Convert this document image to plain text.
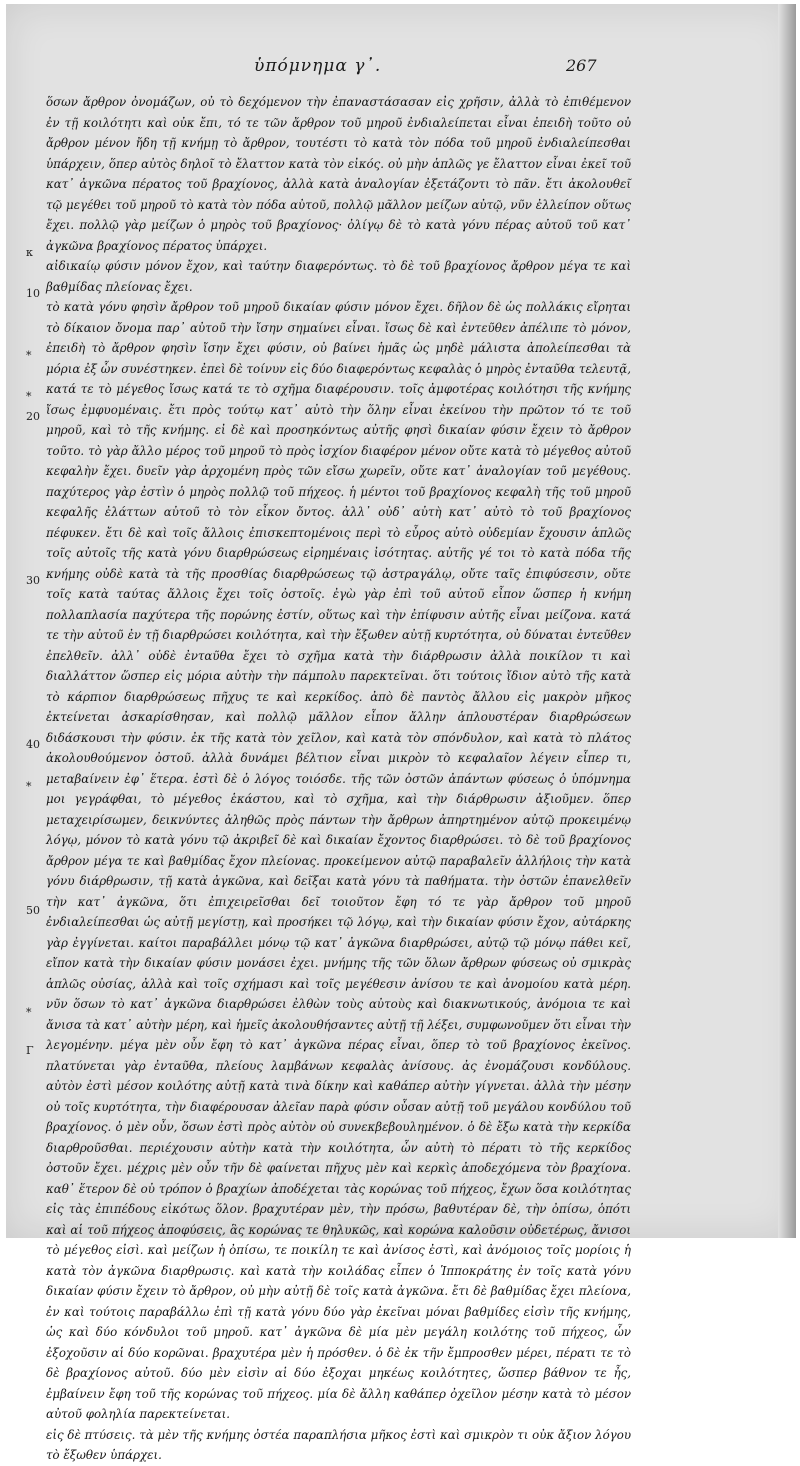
ὑπόμνημα γ᾽.	267
κ
10
*
*
20
30
40
*
50
*
Γ

ὅσων ἄρθρον ὀνομάζων, οὐ τὸ δεχόμενον τὴν ἐπαναστάσασαν εἰς χρῆσιν, ἀλλὰ τὸ ἐπιθέμενον ἐν τῇ κοιλότητι καὶ οὐκ ἔπι, τό τε τῶν ἄρθρον τοῦ μηροῦ ἐνδιαλείπεται εἶναι ἐπειδὴ τοῦτο οὐ ἄρθρον μένον ἤδη τῇ κνήμῃ τὸ ἄρθρον, τουτέστι τὸ κατὰ τὸν πόδα τοῦ μηροῦ ἐνδιαλείπεσθαι ὑπάρχειν, ὅπερ αὐτὸς δηλοῖ τὸ ἔλαττον κατὰ τὸν εἰκός. οὐ μὴν ἁπλῶς γε ἔλαττον εἶναι ἐκεῖ τοῦ κατ᾽ ἀγκῶνα πέρατος τοῦ βραχίονος, ἀλλὰ κατὰ ἀναλογίαν ἐξετάζοντι τὸ πᾶν. ἔτι ἀκολουθεῖ τῷ μεγέθει τοῦ μηροῦ τὸ κατὰ τὸν πόδα αὐτοῦ, πολλῷ μᾶλλον μείζων αὐτῷ, νῦν ἐλλείπον οὕτως ἔχει. πολλῷ γὰρ μείζων ὁ μηρὸς τοῦ βραχίονος· ὀλίγῳ δὲ τὸ κατὰ γόνυ πέρας αὐτοῦ τοῦ κατ᾽ ἀγκῶνα βραχίονος πέρατος ὑπάρχει.

αἰδικαίῳ φύσιν μόνον ἔχον, καὶ ταύτην διαφερόντως. τὸ δὲ τοῦ βραχίονος ἄρθρον μέγα τε καὶ βαθμίδας πλείονας ἔχει.

τὸ κατὰ γόνυ φησὶν ἄρθρον τοῦ μηροῦ δικαίαν φύσιν μόνον ἔχει. δῆλον δὲ ὡς πολλάκις εἴρηται τὸ δίκαιον ὄνομα παρ᾽ αὐτοῦ τὴν ἴσην σημαίνει εἶναι. ἴσως δὲ καὶ ἐντεῦθεν ἀπέλιπε τὸ μόνον, ἐπειδὴ τὸ ἄρθρον φησὶν ἴσην ἔχει φύσιν, οὐ βαίνει ἡμᾶς ὡς μηδὲ μάλιστα ἀπολείπεσθαι τὰ μόρια ἐξ ὧν συνέστηκεν. ἐπεὶ δὲ τοίνυν εἰς δύο διαφερόντως κεφαλὰς ὁ μηρὸς ἐνταῦθα τελευτᾷ, κατά τε τὸ μέγεθος ἴσως κατά τε τὸ σχῆμα διαφέρουσιν. τοῖς ἀμφοτέρας κοιλότησι τῆς κνήμης ἴσως ἐμφυομέναις. ἔτι πρὸς τούτῳ κατ᾽ αὐτὸ τὴν ὅλην εἶναι ἐκείνου τὴν πρῶτον τό τε τοῦ μηροῦ, καὶ τὸ τῆς κνήμης. εἰ δὲ καὶ προσηκόντως αὐτῆς φησὶ δικαίαν φύσιν ἔχειν τὸ ἄρθρον τοῦτο. τὸ γὰρ ἄλλο μέρος τοῦ μηροῦ τὸ πρὸς ἰσχίον διαφέρον μένον οὔτε κατὰ τὸ μέγεθος αὐτοῦ κεφαλὴν ἔχει. δυεῖν γὰρ ἀρχομένη πρὸς τῶν εἴσω χωρεῖν, οὔτε κατ᾽ ἀναλογίαν τοῦ μεγέθους. παχύτερος γὰρ ἐστὶν ὁ μηρὸς πολλῷ τοῦ πήχεος. ἡ μέντοι τοῦ βραχίονος κεφαλὴ τῆς τοῦ μηροῦ κεφαλῆς ἐλάττων αὐτοῦ τὸ τὸν εἶκον ὄντος. ἀλλ᾽ οὐδ᾽ αὐτὴ κατ᾽ αὐτὸ τὸ τοῦ βραχίονος πέφυκεν. ἔτι δὲ καὶ τοῖς ἄλλοις ἐπισκεπτομένοις περὶ τὸ εὖρος αὐτὸ οὐδεμίαν ἔχουσιν ἁπλῶς τοῖς αὐτοῖς τῆς κατὰ γόνυ διαρθρώσεως εἰρημέναις ἰσότητας. αὐτῆς γέ τοι τὸ κατὰ πόδα τῆς κνήμης οὐδὲ κατὰ τὰ τῆς προσθίας διαρθρώσεως τῷ ἀστραγάλῳ, οὔτε ταῖς ἐπιφύσεσιν, οὔτε τοῖς κατὰ ταύτας ἄλλοις ἔχει τοῖς ὀστοῖς. ἐγὼ γὰρ ἐπὶ τοῦ αὐτοῦ εἶπον ὥσπερ ἡ κνήμη πολλαπλασία παχύτερα τῆς πορώνης ἐστίν, οὕτως καὶ τὴν ἐπίφυσιν αὐτῆς εἶναι μείζονα. κατά τε τὴν αὐτοῦ ἐν τῇ διαρθρώσει κοιλότητα, καὶ τὴν ἔξωθεν αὐτῇ κυρτότητα, οὐ δύναται ἐντεῦθεν ἐπελθεῖν. ἀλλ᾽ οὐδὲ ἐνταῦθα ἔχει τὸ σχῆμα κατὰ τὴν διάρθρωσιν ἀλλὰ ποικίλον τι καὶ διαλλάττον ὥσπερ εἰς μόρια αὐτὴν τὴν πάμπολυ παρεκτεῖναι. ὅτι τούτοις ἴδιον αὐτὸ τῆς κατὰ τὸ κάρπιον διαρθρώσεως πῆχυς τε καὶ κερκίδος. ἀπὸ δὲ παντὸς ἄλλου εἰς μακρὸν μῆκος ἐκτείνεται ἀσκαρίσθησαν, καὶ πολλῷ μᾶλλον εἶπον ἄλλην ἁπλουστέραν διαρθρώσεων διδάσκουσι τὴν φύσιν. ἐκ τῆς κατὰ τὸν χεῖλον, καὶ κατὰ τὸν σπόνδυλον, καὶ κατὰ τὸ πλάτος ἀκολουθούμενον ὀστοῦ. ἀλλὰ δυνάμει βέλτιον εἶναι μικρὸν τὸ κεφαλαῖον λέγειν εἶπερ τι, μεταβαίνειν ἐφ᾽ ἕτερα. ἐστὶ δὲ ὁ λόγος τοιόσδε. τῆς τῶν ὀστῶν ἀπάντων φύσεως ὁ ὑπόμνημα μοι γεγράφθαι, τὸ μέγεθος ἑκάστου, καὶ τὸ σχῆμα, καὶ τὴν διάρθρωσιν ἀξιοῦμεν. ὅπερ μεταχειρίσωμεν, δεικνύντες ἀληθῶς πρὸς πάντων τὴν ἄρθρων ἀπηρτημένον αὐτῷ προκειμένῳ λόγῳ, μόνον τὸ κατὰ γόνυ τῷ ἀκριβεῖ δὲ καὶ δικαίαν ἔχοντος διαρθρώσει. τὸ δὲ τοῦ βραχίονος ἄρθρον μέγα τε καὶ βαθμίδας ἔχον πλείονας. προκείμενον αὐτῷ παραβαλεῖν ἀλλήλοις τὴν κατὰ γόνυ διάρθρωσιν, τῇ κατὰ ἀγκῶνα, καὶ δεῖξαι κατὰ γόνυ τὰ παθήματα. τὴν ὀστῶν ἐπανελθεῖν τὴν κατ᾽ ἀγκῶνα, ὅτι ἐπιχειρεῖσθαι δεῖ τοιοῦτον ἔφη τό τε γὰρ ἄρθρον τοῦ μηροῦ ἐνδιαλείπεσθαι ὡς αὐτῇ μεγίστῃ, καὶ προσήκει τῷ λόγῳ, καὶ τὴν δικαίαν φύσιν ἔχον, αὐτάρκης γὰρ ἐγγίνεται. καίτοι παραβάλλει μόνῳ τῷ κατ᾽ ἀγκῶνα διαρθρώσει, αὐτῷ τῷ μόνῳ πάθει κεῖ, εἴπον κατὰ τὴν δικαίαν φύσιν μονάσει ἐχει. μνήμης τῆς τῶν ὅλων ἄρθρων φύσεως οὐ σμικρὰς ἁπλῶς οὐσίας, ἀλλὰ καὶ τοῖς σχήμασι καὶ τοῖς μεγέθεσιν ἀνίσου τε καὶ ἀνομοίου κατὰ μέρη. νῦν ὅσων τὸ κατ᾽ ἀγκῶνα διαρθρώσει ἐλθὼν τοὺς αὐτοὺς καὶ διακνωτικούς, ἀνόμοια τε καὶ ἄνισα τὰ κατ᾽ αὐτὴν μέρη, καὶ ἡμεῖς ἀκολουθήσαντες αὐτῇ τῇ λέξει, συμφωνοῦμεν ὅτι εἶναι τὴν λεγομένην. μέγα μὲν οὖν ἔφη τὸ κατ᾽ ἀγκῶνα πέρας εἶναι, ὅπερ τὸ τοῦ βραχίονος ἐκεῖνος. πλατύνεται γὰρ ἐνταῦθα, πλείους λαμβάνων κεφαλὰς ἀνίσους. ἀς ἐνομάζουσι κονδύλους. αὐτὸν ἐστὶ μέσον κοιλότης αὐτῇ κατὰ τινὰ δίκην καὶ καθάπερ αὐτὴν γίγνεται. ἀλλὰ τὴν μέσην οὐ τοῖς κυρτότητα, τὴν διαφέρουσαν ἀλεῖαν παρὰ φύσιν οὖσαν αὐτῇ τοῦ μεγάλου κονδύλου τοῦ βραχίονος. ὁ μὲν οὖν, ὅσων ἐστὶ πρὸς αὐτὸν οὐ συνεκβεβουλημένον. ὁ δὲ ἔξω κατὰ τὴν κερκίδα διαρθροῦσθαι. περιέχουσιν αὐτὴν κατὰ τὴν κοιλότητα, ὧν αὐτὴ τὸ πέρατι τὸ τῆς κερκίδος ὀστοῦν ἔχει. μέχρις μὲν οὖν τῆν δὲ φαίνεται πῆχυς μὲν καὶ κερκὶς ἀποδεχόμενα τὸν βραχίονα. καθ᾽ ἕτερον δὲ οὐ τρόπον ὁ βραχίων ἀποδέχεται τὰς κορώνας τοῦ πήχεος, ἔχων ὅσα κοιλότητας εἰς τὰς ἐπιπέδους εἰκότως ὅλον. βραχυτέραν μὲν, τὴν πρόσω, βαθυτέραν δὲ, τὴν ὀπίσω, ὁπότι καὶ αἱ τοῦ πήχεος ἀποφύσεις, ἃς κορώνας τε θηλυκῶς, καὶ κορώνα καλοῦσιν οὐδετέρως, ἄνισοι τὸ μέγεθος εἰσὶ. καὶ μείζων ἡ ὀπίσω, τε ποικίλη τε καὶ ἀνίσος ἐστὶ, καὶ ἀνόμοιος τοῖς μορίοις ἡ κατὰ τὸν ἀγκῶνα διαρθρωσις. καὶ κατὰ τὴν κοιλάδας εἶπεν ὁ Ἱπποκράτης ἐν τοῖς κατὰ γόνυ δικαίαν φύσιν ἔχειν τὸ ἄρθρον, οὐ μὴν αὐτῇ δὲ τοῖς κατὰ ἀγκῶνα. ἔτι δὲ βαθμίδας ἔχει πλείονα, ἐν καὶ τούτοις παραβάλλω ἐπὶ τῇ κατὰ γόνυ δύο γὰρ ἐκεῖναι μόναι βαθμίδες εἰσὶν τῆς κνήμης, ὡς καὶ δύο κόνδυλοι τοῦ μηροῦ. κατ᾽ ἀγκῶνα δὲ μία μὲν μεγάλη κοιλότης τοῦ πήχεος, ὧν ἐξοχοῦσιν αἱ δύο κορῶναι. βραχυτέρα μὲν ἡ πρόσθεν. ὁ δὲ ἐκ τῆν ἔμπροσθεν μέρει, πέρατι τε τὸ δὲ βραχίονος αὐτοῦ. δύο μὲν εἰσὶν αἱ δύο ἐξοχαι μηκέως κοιλότητες, ὥσπερ βάθνον τε ἦς, ἐμβαίνειν ἔφη τοῦ τῆς κορώνας τοῦ πήχεος. μία δὲ ἄλλη καθάπερ ὀχεῖλον μέσην κατὰ τὸ μέσον αὐτοῦ φοληλία παρεκτείνεται.

εἰς δὲ πτύσεις. τὰ μὲν τῆς κνήμης ὀστέα παραπλήσια μῆκος ἐστὶ καὶ σμικρὸν τι οὐκ ἄξιον λόγου τὸ ἔξωθεν ὑπάρχει.
